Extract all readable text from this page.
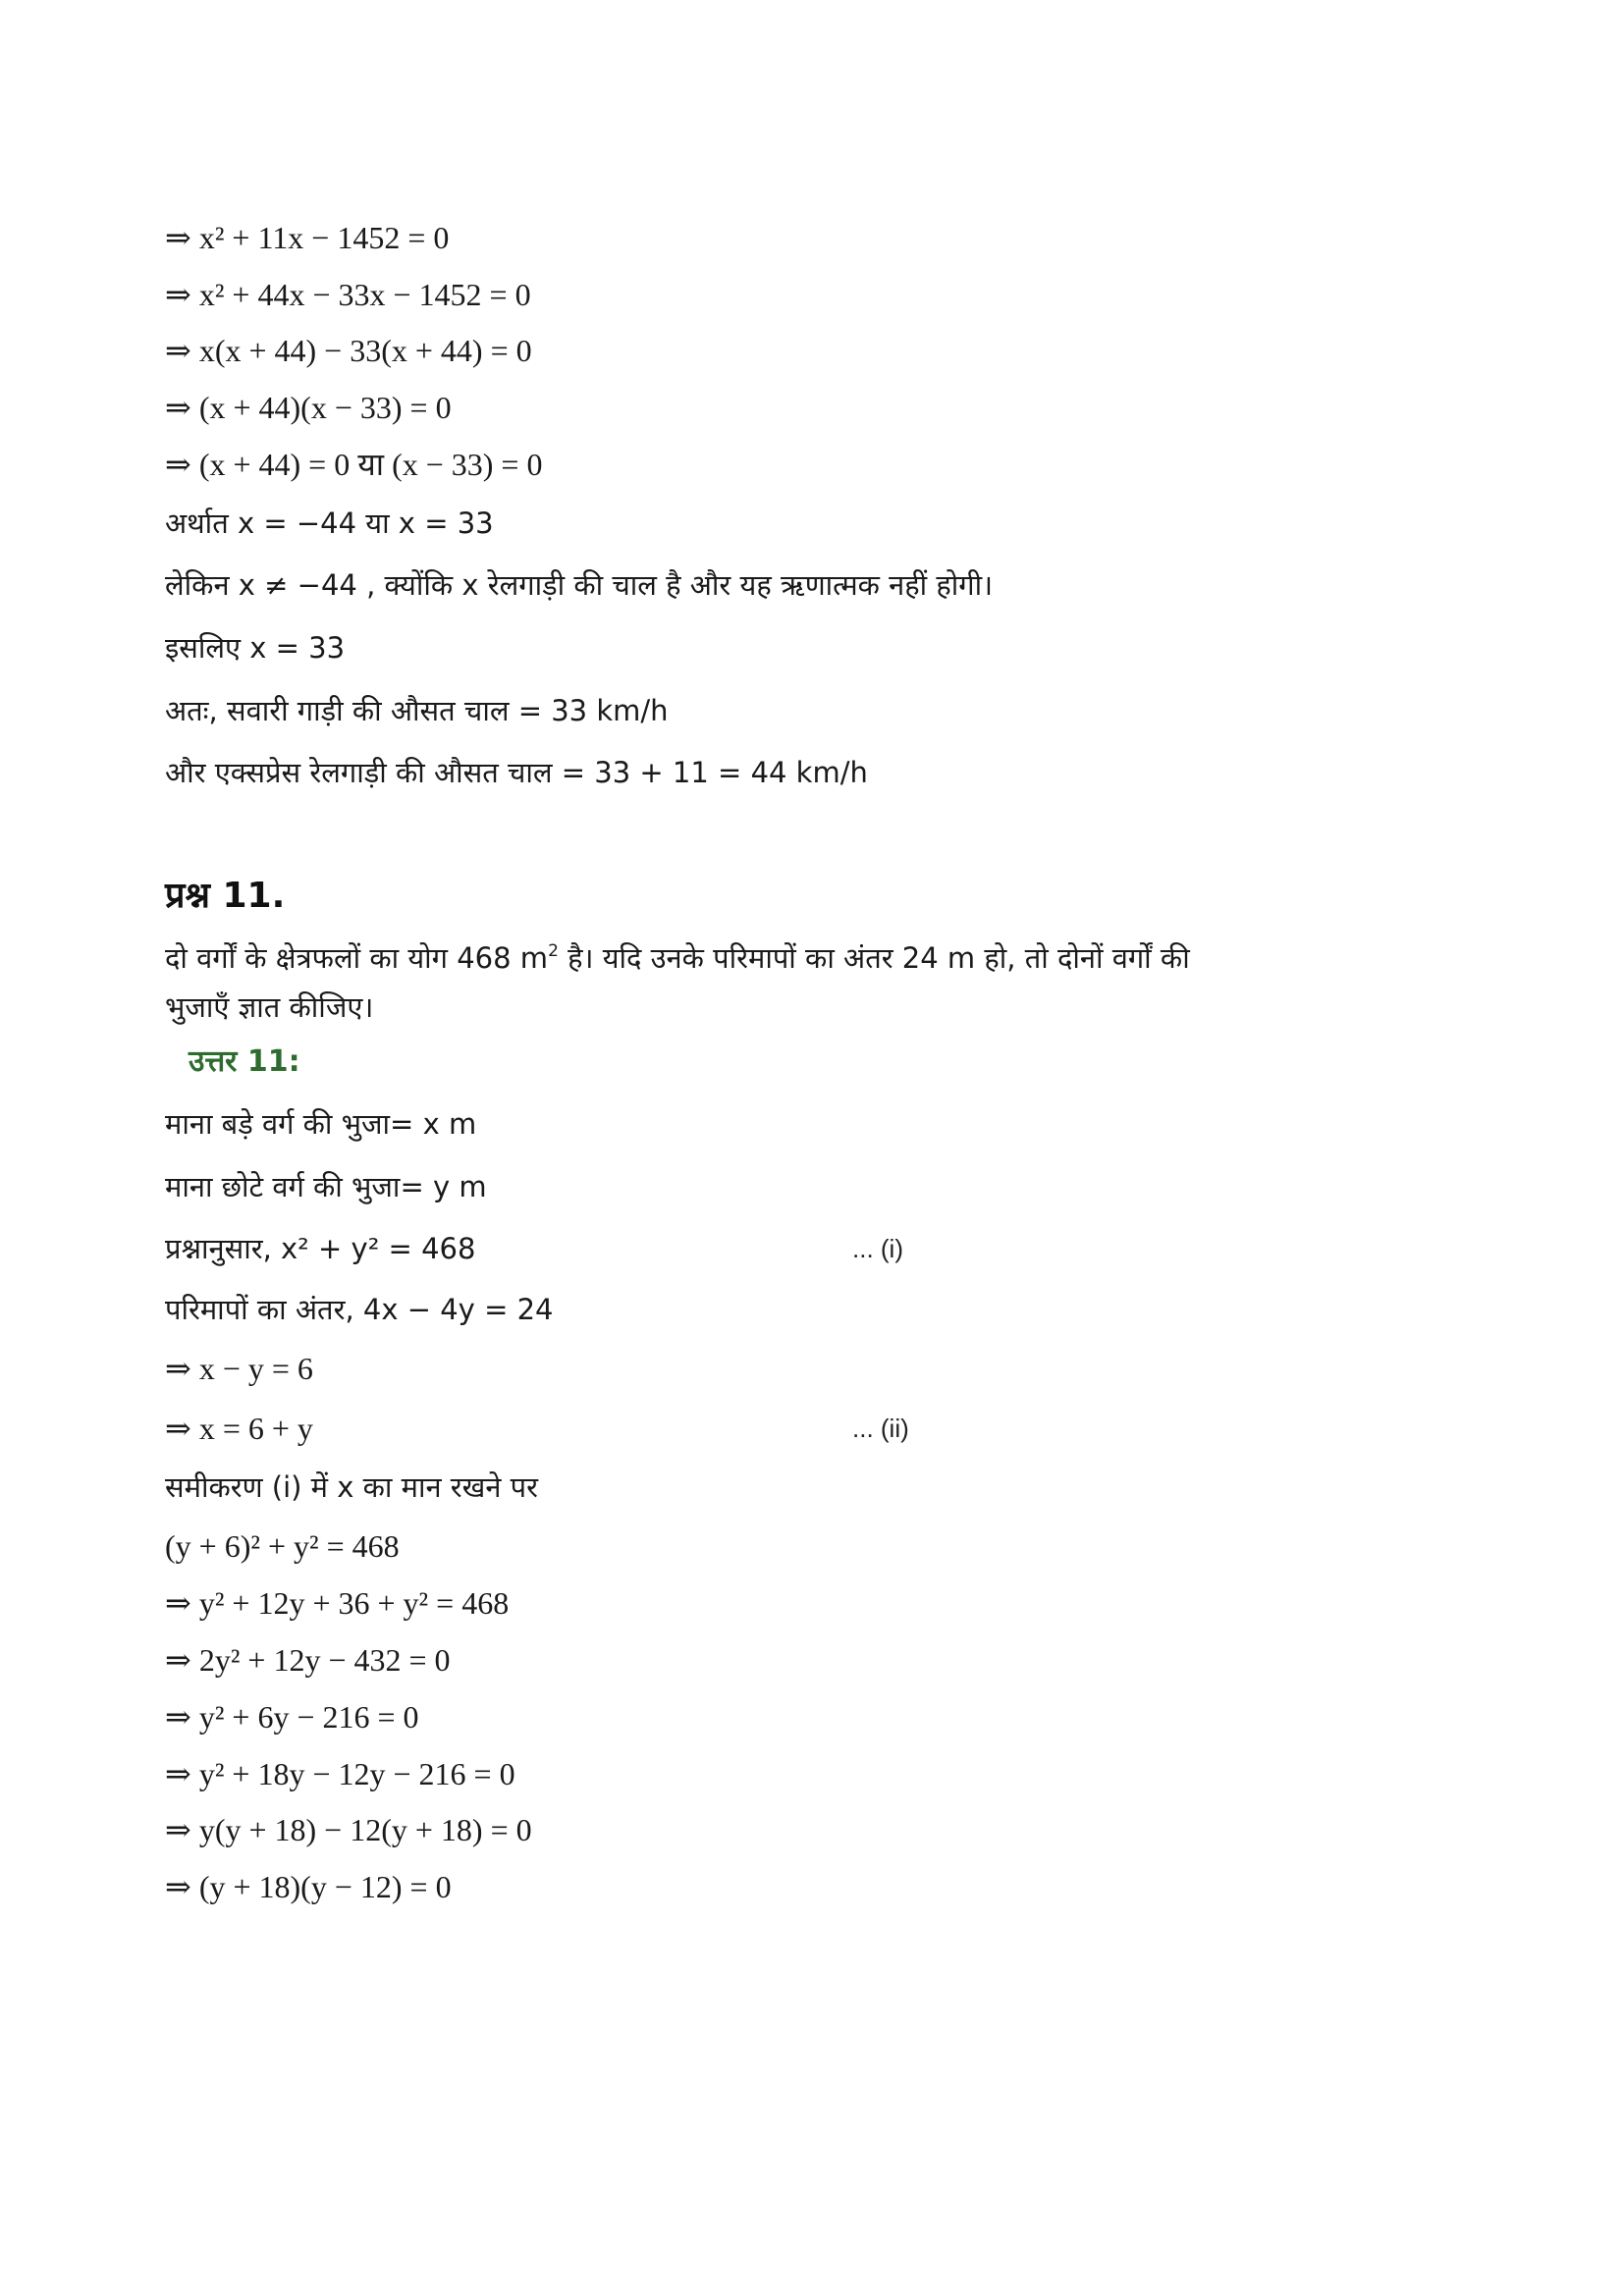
⇒ x² + 11x − 1452 = 0
⇒ x² + 44x − 33x − 1452 = 0
⇒ x(x + 44) − 33(x + 44) = 0
⇒ (x + 44)(x − 33) = 0
⇒ (x + 44) = 0 या (x − 33) = 0
अर्थात x = −44 या x = 33
लेकिन x ≠ −44 , क्योंकि x रेलगाड़ी की चाल है और यह ऋणात्मक नहीं होगी।
इसलिए x = 33
अतः, सवारी गाड़ी की औसत चाल = 33 km/h
और एक्सप्रेस रेलगाड़ी की औसत चाल = 33 + 11 = 44 km/h
प्रश्न 11.
दो वर्गों के क्षेत्रफलों का योग 468 $m^2$ है। यदि उनके परिमापों का अंतर 24 m हो, तो दोनों वर्गों की
भुजाएँ ज्ञात कीजिए।
उत्तर 11:
माना बड़े वर्ग की भुजा= x m
माना छोटे वर्ग की भुजा= y m
प्रश्नानुसार, x² + y² = 468	... (i)
परिमापों का अंतर, 4x − 4y = 24
⇒ x − y = 6
⇒ x = 6 + y	... (ii)
समीकरण (i) में x का मान रखने पर
(y + 6)² + y² = 468
⇒ y² + 12y + 36 + y² = 468
⇒ 2y² + 12y − 432 = 0
⇒ y² + 6y − 216 = 0
⇒ y² + 18y − 12y − 216 = 0
⇒ y(y + 18) − 12(y + 18) = 0
⇒ (y + 18)(y − 12) = 0
